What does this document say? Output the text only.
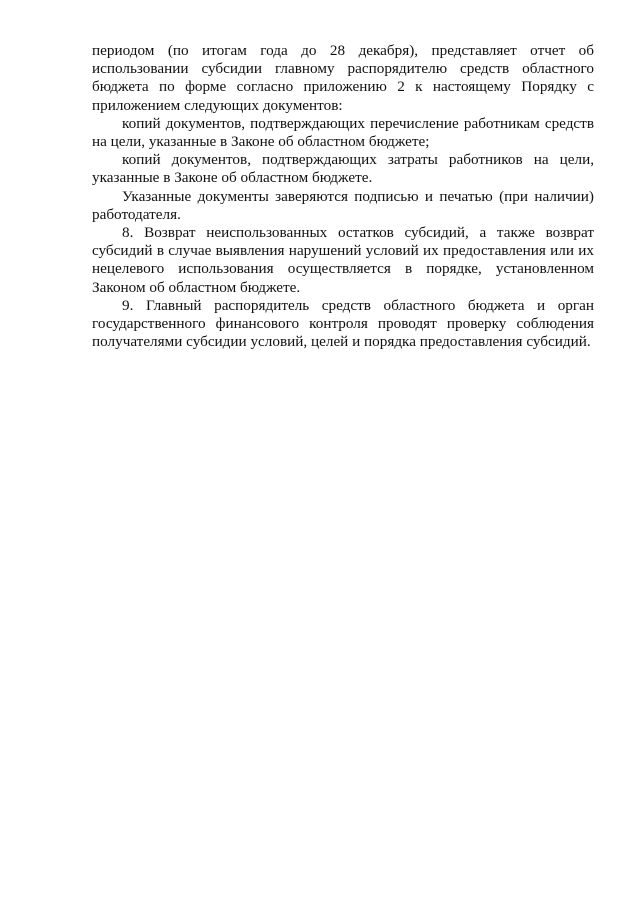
периодом (по итогам года до 28 декабря), представляет отчет об использовании субсидии главному распорядителю средств областного бюджета по форме согласно приложению 2 к настоящему Порядку с приложением следующих документов:

копий документов, подтверждающих перечисление работникам средств на цели, указанные в Законе об областном бюджете;

копий документов, подтверждающих затраты работников на цели, указанные в Законе об областном бюджете.

Указанные документы заверяются подписью и печатью (при наличии) работодателя.

8. Возврат неиспользованных остатков субсидий, а также возврат субсидий в случае выявления нарушений условий их предоставления или их нецелевого использования осуществляется в порядке, установленном Законом об областном бюджете.

9. Главный распорядитель средств областного бюджета и орган государственного финансового контроля проводят проверку соблюдения получателями субсидии условий, целей и порядка предоставления субсидий.
